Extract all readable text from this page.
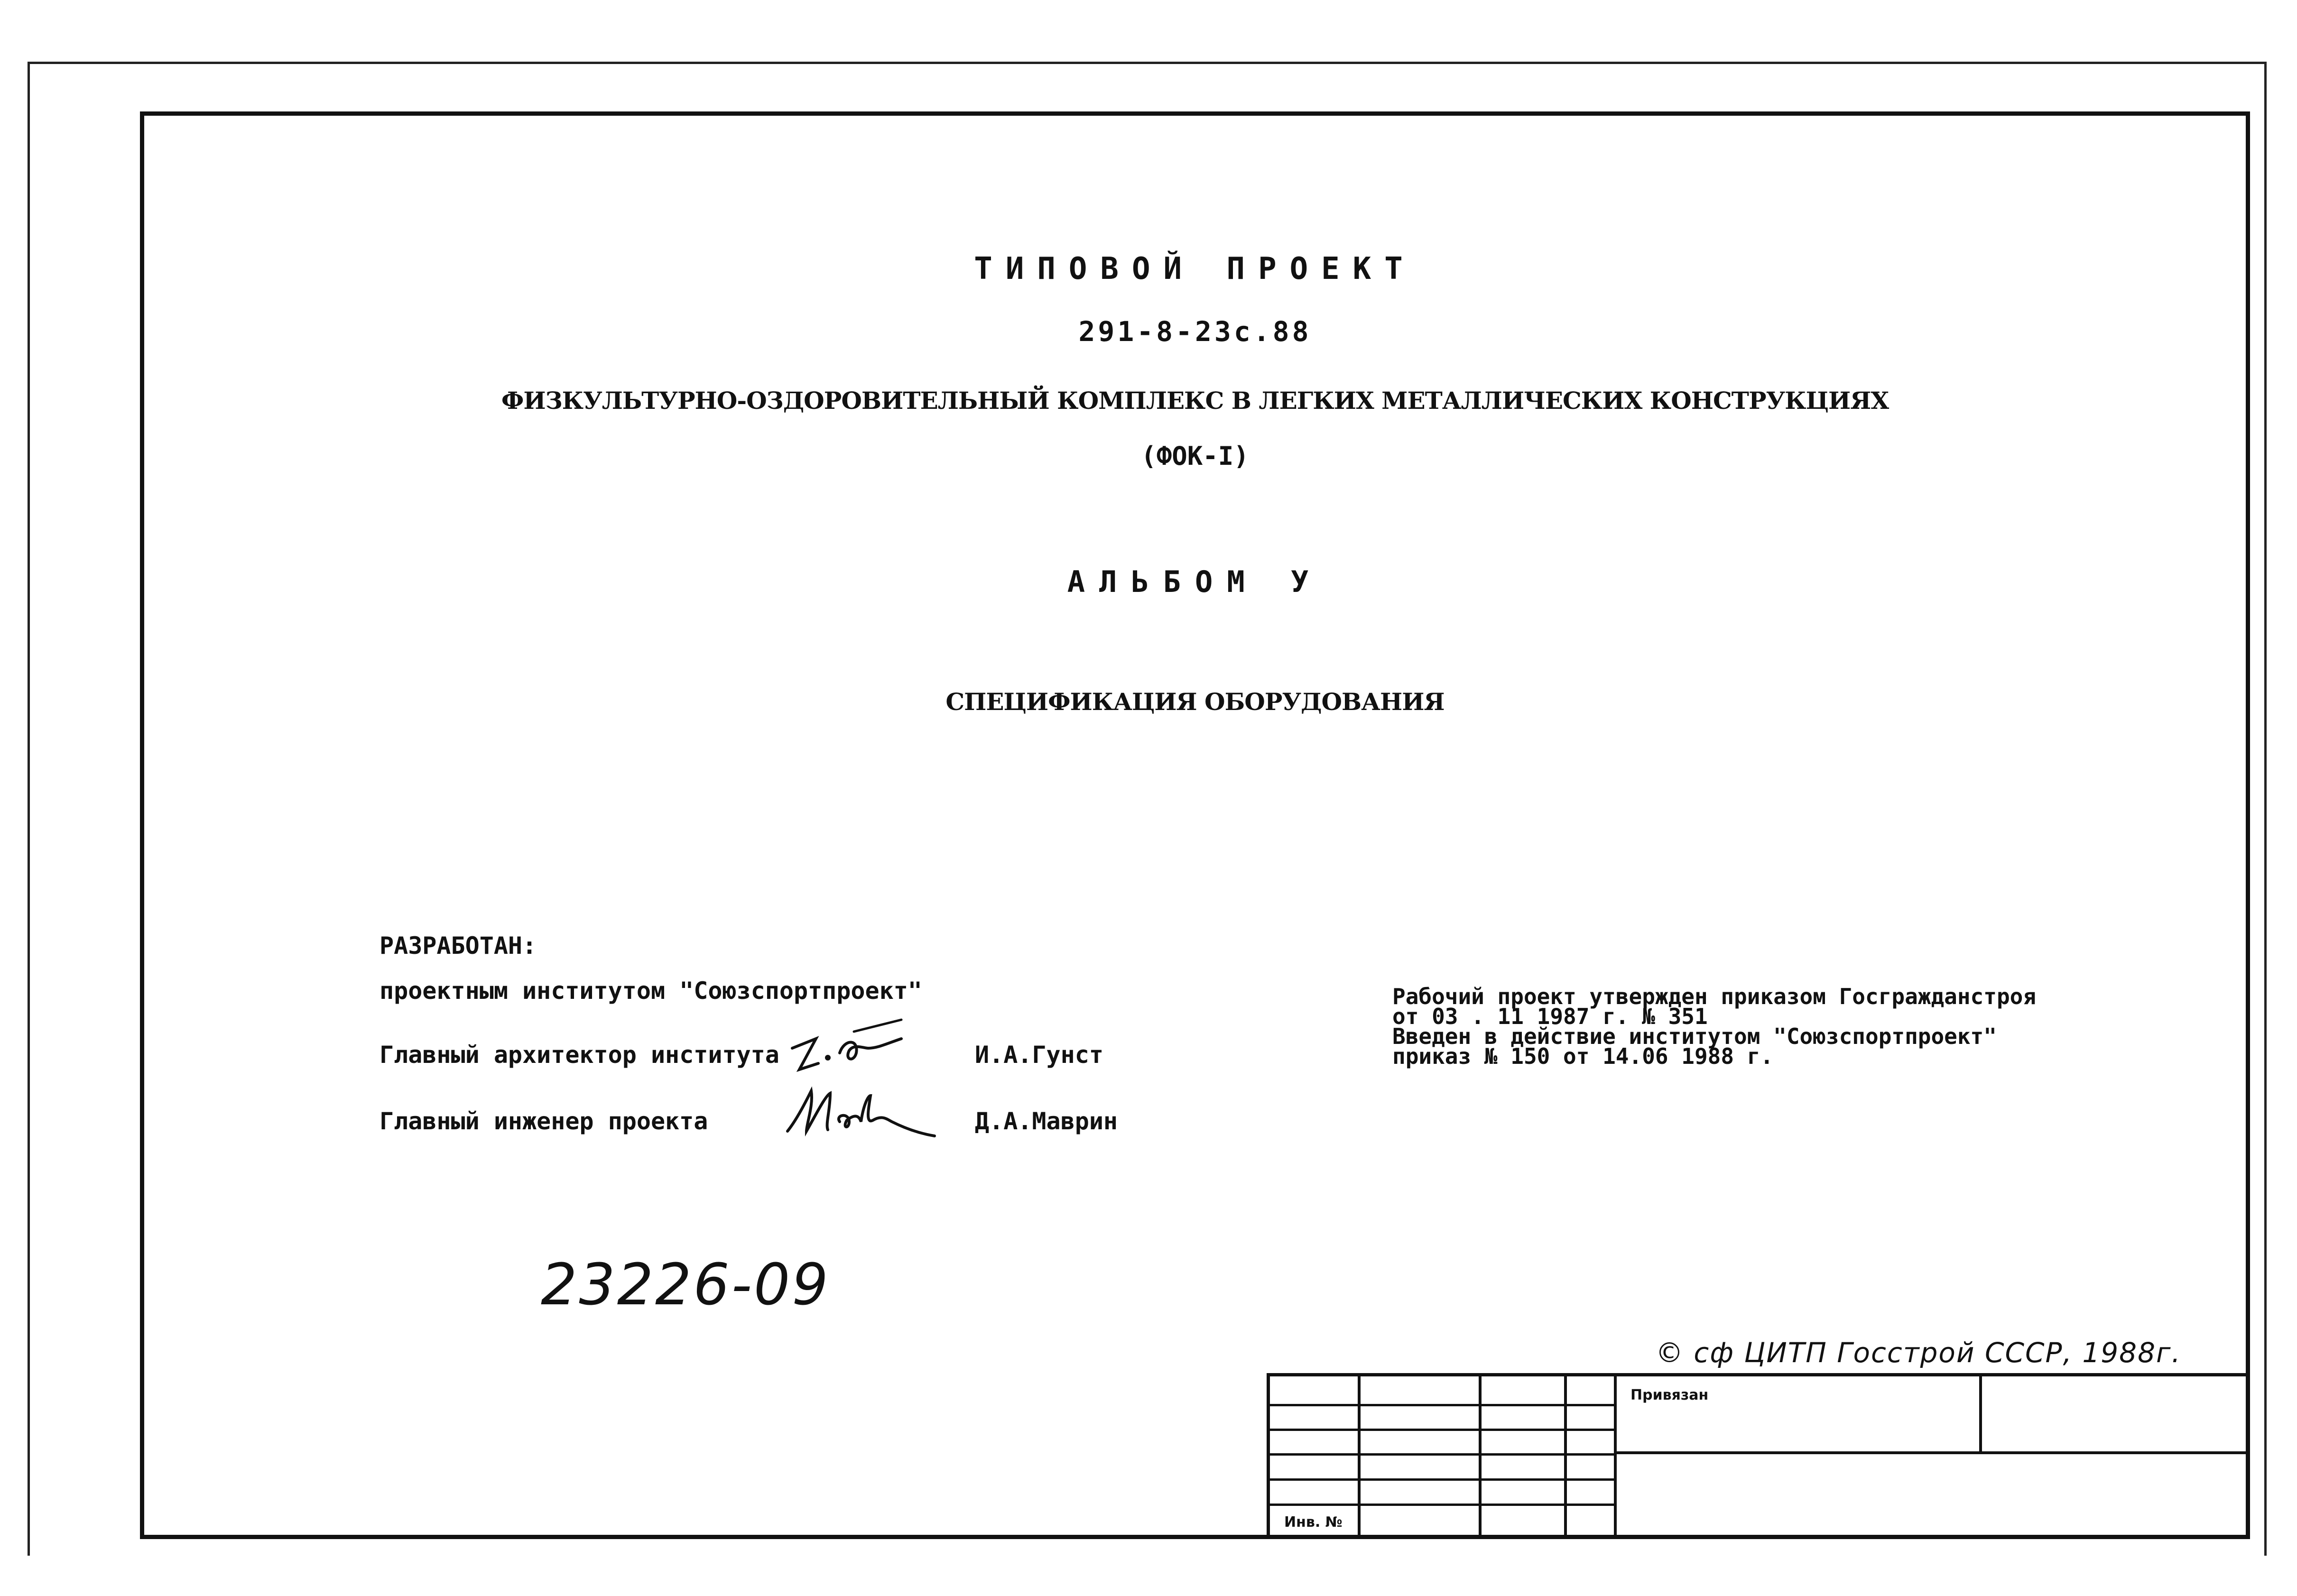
ТИПОВОЙ ПРОЕКТ
291-8-23с.88
ФИЗКУЛЬТУРНО-ОЗДОРОВИТЕЛЬНЫЙ КОМПЛЕКС В ЛЕГКИХ МЕТАЛЛИЧЕСКИХ КОНСТРУКЦИЯХ
(ФОК-I)
АЛЬБОМ У
СПЕЦИФИКАЦИЯ ОБОРУДОВАНИЯ
РАЗРАБОТАН:
проектным институтом "Союзспортпроект"
Главный архитектор института	И.А.Гунст
Главный инженер проекта	Д.А.Маврин
Рабочий проект утвержден приказом Госгражданстроя
от 03 . 11 1987 г. № 351
Введен в действие институтом "Союзспортпроект"
приказ № 150 от 14.06 1988 г.
23226-09
© сф ЦИТП Госстрой СССР, 1988г.
Инв. №
Привязан
